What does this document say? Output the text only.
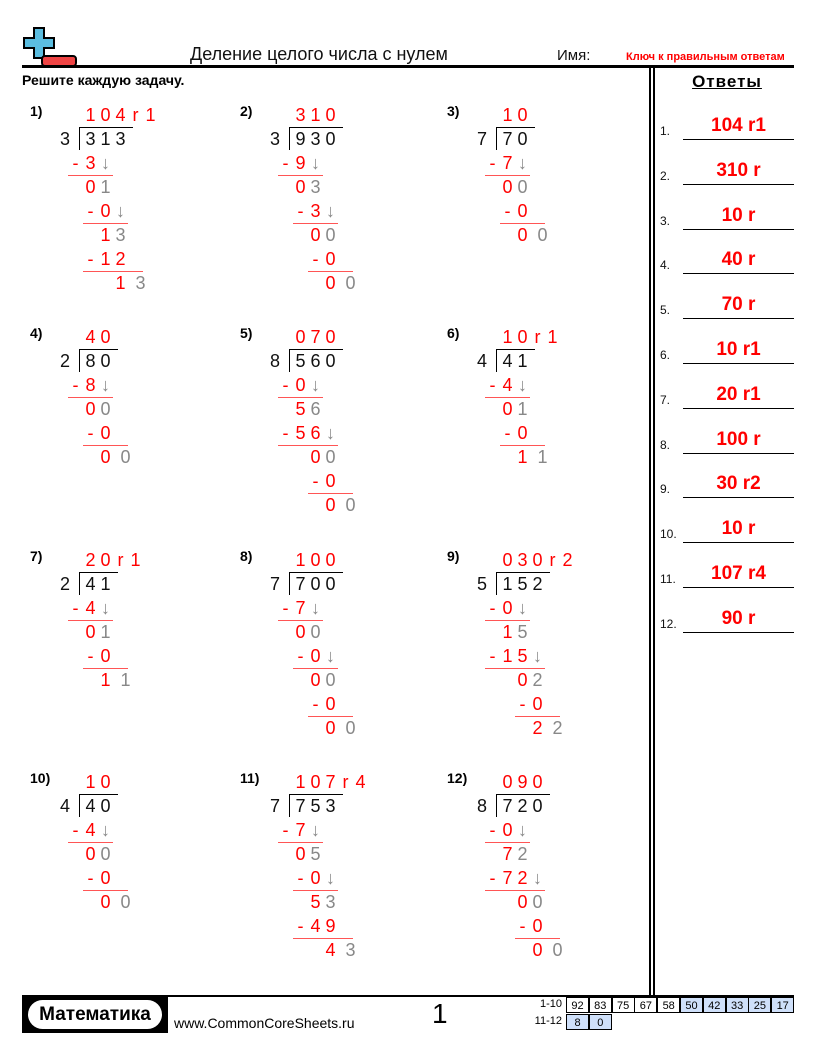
Деление целого числа с нулем	Имя:	Ключ к правильным ответам
Решите каждую задачу.	Ответы
1.	104 r1
2.	310 r
3.	10 r
4.	40 r
5.	70 r
6.	10 r1
7.	20 r1
8.	100 r
9.	30 r2
10.	10 r
11.	107 r4
12.	90 r
1) 1 0 4 r 1
3 3 1 3
- 3 ↓
0 1
- 0 ↓
1 3
- 1 2
1 3
2) 3 1 0
3 9 3 0
- 9 ↓
0 3
- 3 ↓
0 0
- 0
0 0
3) 1 0
7 7 0
- 7 ↓
0 0
- 0
0 0
4) 4 0
2 8 0
- 8 ↓
0 0
- 0
0 0
5) 0 7 0
8 5 6 0
- 0 ↓
5 6
- 5 6 ↓
0 0
- 0
0 0
6) 1 0 r 1
4 4 1
- 4 ↓
0 1
- 0
1 1
7) 2 0 r 1
2 4 1
- 4 ↓
0 1
- 0
1 1
8) 1 0 0
7 7 0 0
- 7 ↓
0 0
- 0 ↓
0 0
- 0
0 0
9) 0 3 0 r 2
5 1 5 2
- 0 ↓
1 5
- 1 5 ↓
0 2
- 0
2 2
10) 1 0
4 4 0
- 4 ↓
0 0
- 0
0 0
11) 1 0 7 r 4
7 7 5 3
- 7 ↓
0 5
- 0 ↓
5 3
- 4 9
4 3
12) 0 9 0
8 7 2 0
- 0 ↓
7 2
- 7 2 ↓
0 0
- 0
0 0
Математика	www.CommonCoreSheets.ru	1	1-10 92 83 75 67 58 50 42 33 25 17
11-12	8	0
